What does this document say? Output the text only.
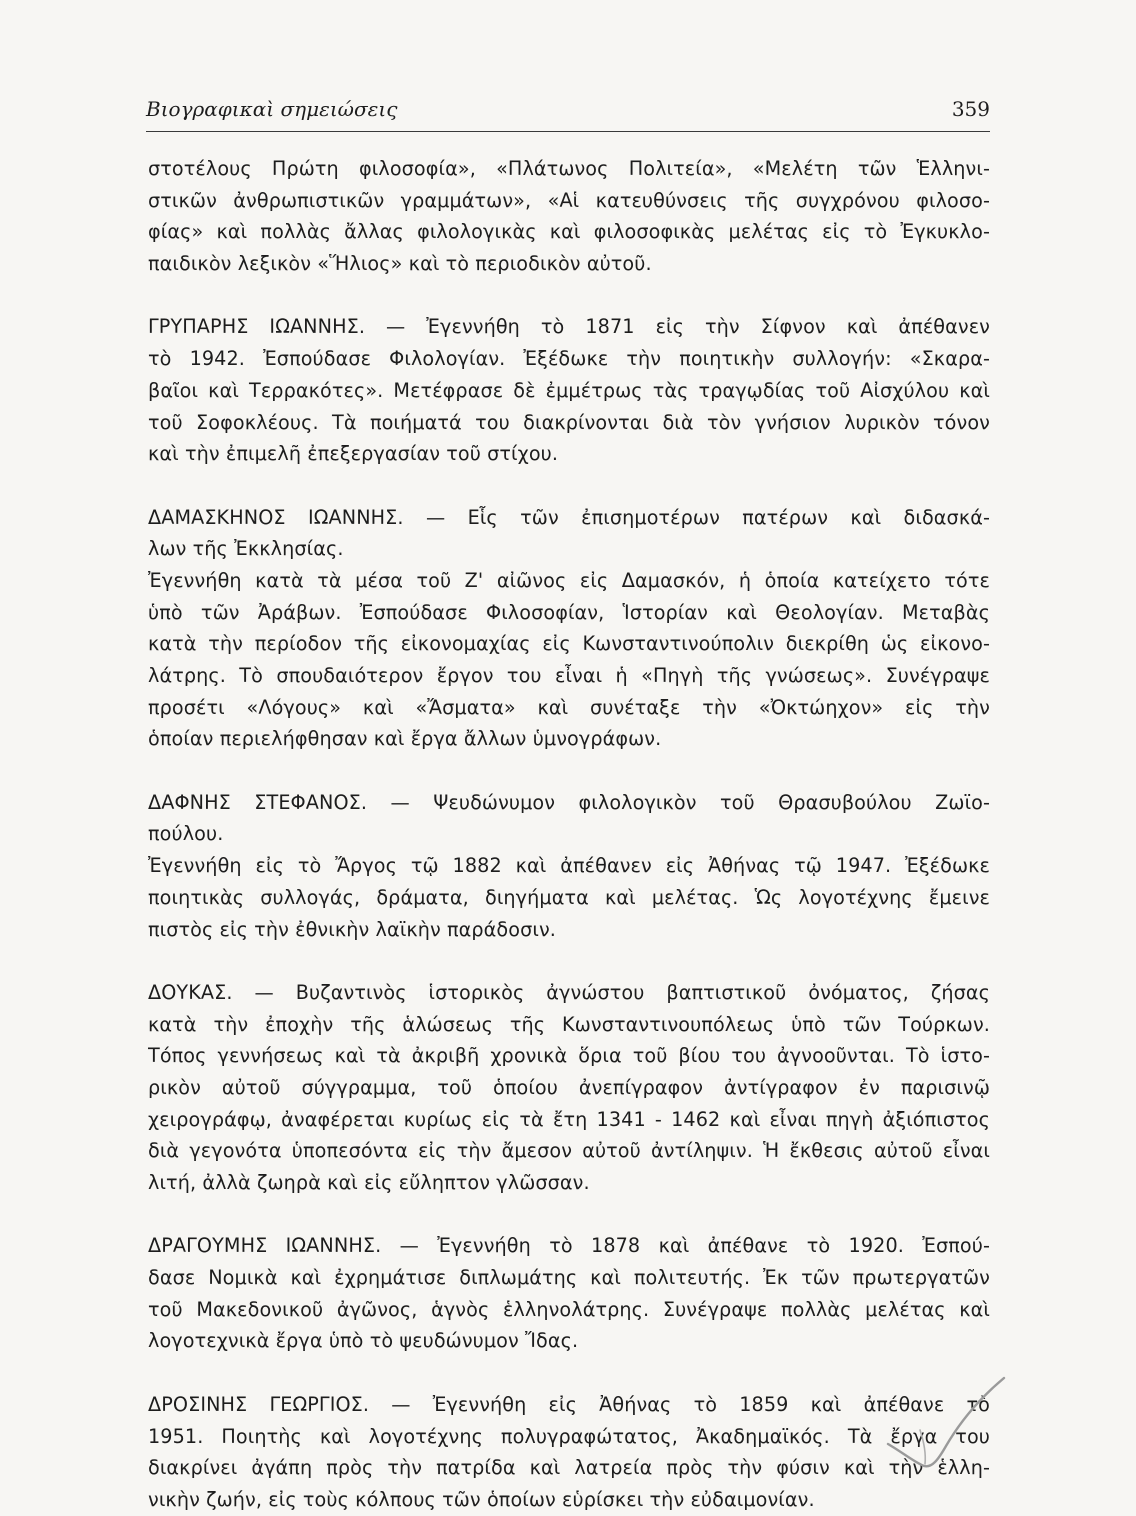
Βιογραφικαὶ σημειώσεις	359
στοτέλους Πρώτη φιλοσοφία», «Πλάτωνος Πολιτεία», «Μελέτη τῶν Ἑλληνι-
στικῶν ἀνθρωπιστικῶν γραμμάτων», «Αἱ κατευθύνσεις τῆς συγχρόνου φιλοσο-
φίας» καὶ πολλὰς ἄλλας φιλολογικὰς καὶ φιλοσοφικὰς μελέτας εἰς τὸ Ἐγκυκλο-
παιδικὸν λεξικὸν «Ἥλιος» καὶ τὸ περιοδικὸν αὐτοῦ.
ΓΡΥΠΑΡΗΣ ΙΩΑΝΝΗΣ. — Ἐγεννήθη τὸ 1871 εἰς τὴν Σίφνον καὶ ἀπέθανεν
τὸ 1942. Ἐσπούδασε Φιλολογίαν. Ἐξέδωκε τὴν ποιητικὴν συλλογήν: «Σκαρα-
βαῖοι καὶ Τερρακότες». Μετέφρασε δὲ ἐμμέτρως τὰς τραγῳδίας τοῦ Αἰσχύλου καὶ
τοῦ Σοφοκλέους. Τὰ ποιήματά του διακρίνονται διὰ τὸν γνήσιον λυρικὸν τόνον
καὶ τὴν ἐπιμελῆ ἐπεξεργασίαν τοῦ στίχου.
ΔΑΜΑΣΚΗΝΟΣ ΙΩΑΝΝΗΣ. — Εἷς τῶν ἐπισημοτέρων πατέρων καὶ διδασκά-
λων τῆς Ἐκκλησίας.
Ἐγεννήθη κατὰ τὰ μέσα τοῦ Ζ' αἰῶνος εἰς Δαμασκόν, ἡ ὁποία κατείχετο τότε
ὑπὸ τῶν Ἀράβων. Ἐσπούδασε Φιλοσοφίαν, Ἱστορίαν καὶ Θεολογίαν. Μεταβὰς
κατὰ τὴν περίοδον τῆς εἰκονομαχίας εἰς Κωνσταντινούπολιν διεκρίθη ὡς εἰκονο-
λάτρης. Τὸ σπουδαιότερον ἔργον του εἶναι ἡ «Πηγὴ τῆς γνώσεως». Συνέγραψε
προσέτι «Λόγους» καὶ «Ἄσματα» καὶ συνέταξε τὴν «Ὀκτώηχον» εἰς τὴν
ὁποίαν περιελήφθησαν καὶ ἔργα ἄλλων ὑμνογράφων.
ΔΑΦΝΗΣ ΣΤΕΦΑΝΟΣ. — Ψευδώνυμον φιλολογικὸν τοῦ Θρασυβούλου Ζωϊο-
πούλου.
Ἐγεννήθη εἰς τὸ Ἄργος τῷ 1882 καὶ ἀπέθανεν εἰς Ἀθήνας τῷ 1947. Ἐξέδωκε
ποιητικὰς συλλογάς, δράματα, διηγήματα καὶ μελέτας. Ὡς λογοτέχνης ἔμεινε
πιστὸς εἰς τὴν ἐθνικὴν λαϊκὴν παράδοσιν.
ΔΟΥΚΑΣ. — Βυζαντινὸς ἱστορικὸς ἀγνώστου βαπτιστικοῦ ὀνόματος, ζήσας
κατὰ τὴν ἐποχὴν τῆς ἁλώσεως τῆς Κωνσταντινουπόλεως ὑπὸ τῶν Τούρκων.
Τόπος γεννήσεως καὶ τὰ ἀκριβῆ χρονικὰ ὅρια τοῦ βίου του ἀγνοοῦνται. Τὸ ἱστο-
ρικὸν αὐτοῦ σύγγραμμα, τοῦ ὁποίου ἀνεπίγραφον ἀντίγραφον ἐν παρισινῷ
χειρογράφῳ, ἀναφέρεται κυρίως εἰς τὰ ἔτη 1341 - 1462 καὶ εἶναι πηγὴ ἀξιόπιστος
διὰ γεγονότα ὑποπεσόντα εἰς τὴν ἄμεσον αὐτοῦ ἀντίληψιν. Ἡ ἔκθεσις αὐτοῦ εἶναι
λιτή, ἀλλὰ ζωηρὰ καὶ εἰς εὔληπτον γλῶσσαν.
ΔΡΑΓΟΥΜΗΣ ΙΩΑΝΝΗΣ. — Ἐγεννήθη τὸ 1878 καὶ ἀπέθανε τὸ 1920. Ἐσπού-
δασε Νομικὰ καὶ ἐχρημάτισε διπλωμάτης καὶ πολιτευτής. Ἐκ τῶν πρωτεργατῶν
τοῦ Μακεδονικοῦ ἀγῶνος, ἁγνὸς ἑλληνολάτρης. Συνέγραψε πολλὰς μελέτας καὶ
λογοτεχνικὰ ἔργα ὑπὸ τὸ ψευδώνυμον Ἴδας.
ΔΡΟΣΙΝΗΣ ΓΕΩΡΓΙΟΣ. — Ἐγεννήθη εἰς Ἀθήνας τὸ 1859 καὶ ἀπέθανε τὸ
1951. Ποιητὴς καὶ λογοτέχνης πολυγραφώτατος, Ἀκαδημαϊκός. Τὰ ἔργα του
διακρίνει ἀγάπη πρὸς τὴν πατρίδα καὶ λατρεία πρὸς τὴν φύσιν καὶ τὴν ἑλλη-
νικὴν ζωήν, εἰς τοὺς κόλπους τῶν ὁποίων εὑρίσκει τὴν εὐδαιμονίαν.
